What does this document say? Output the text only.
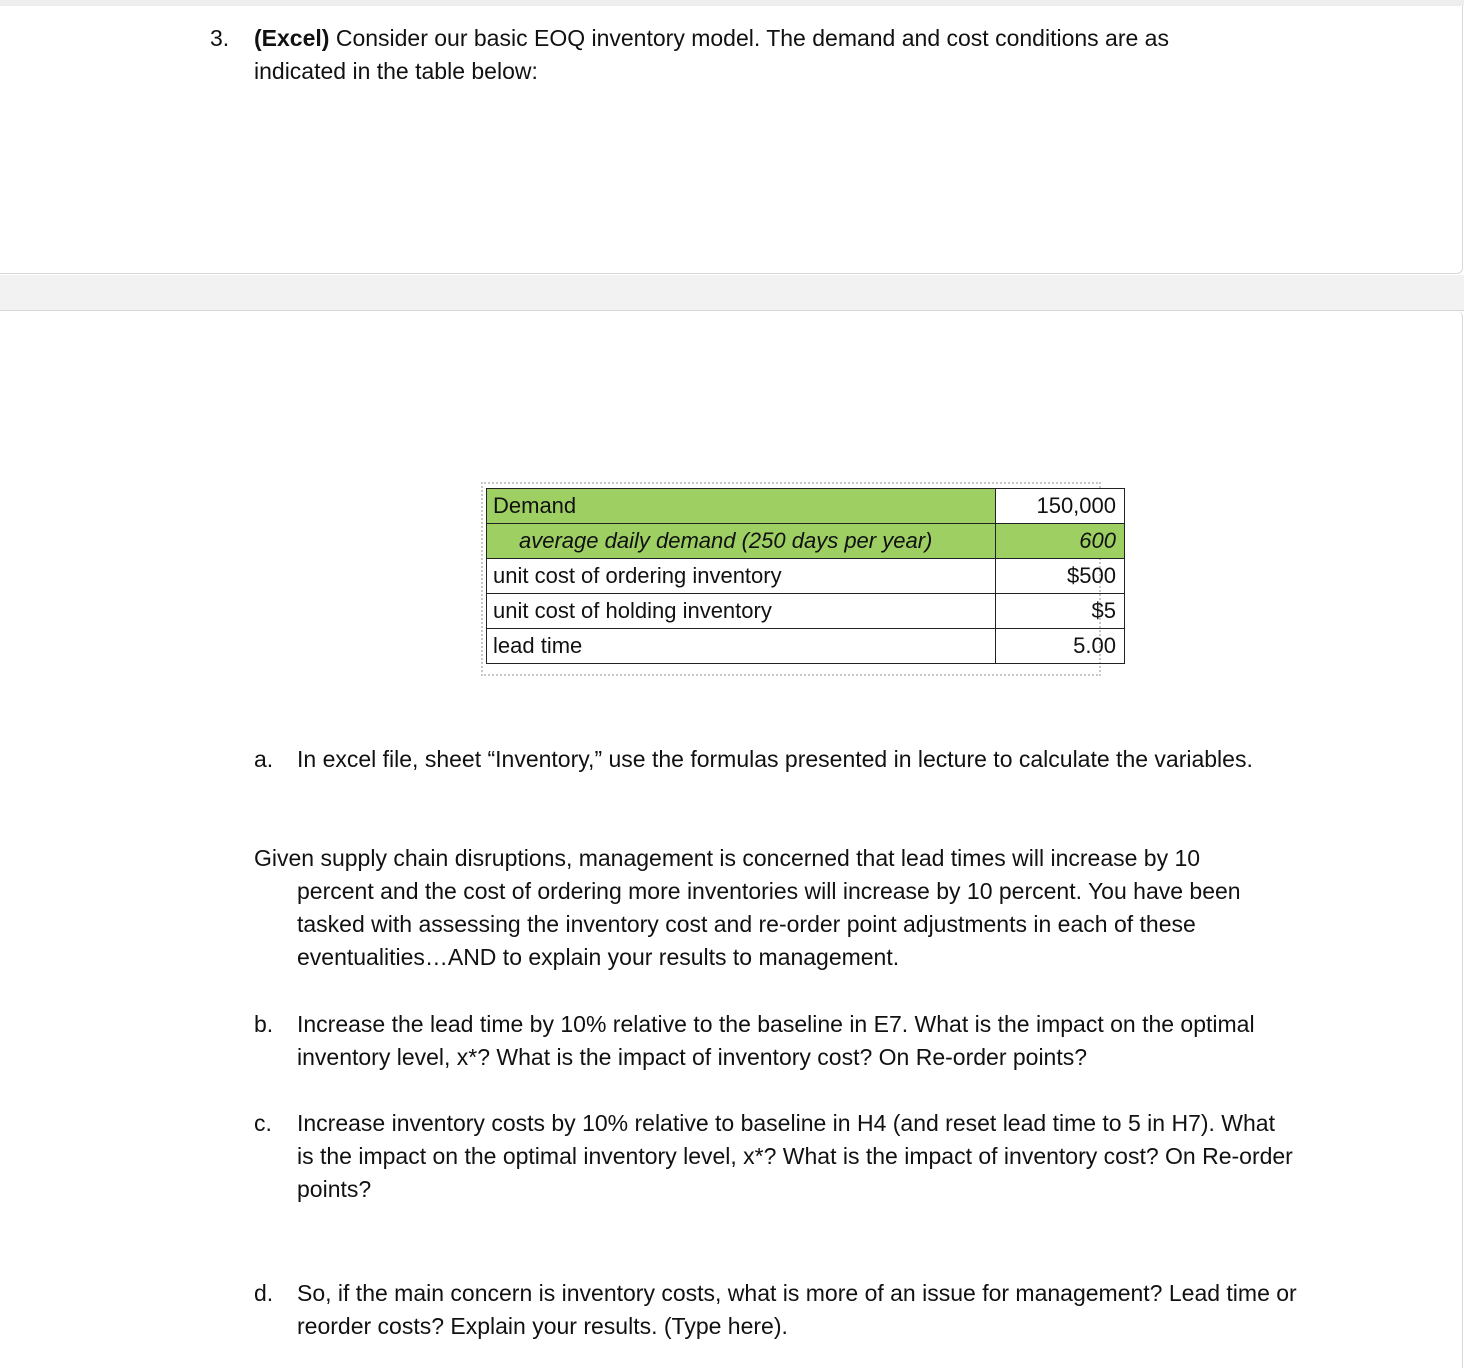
3. (Excel) Consider our basic EOQ inventory model. The demand and cost conditions are as indicated in the table below:
Demand	150,000
average daily demand (250 days per year)	600
unit cost of ordering inventory	$500
unit cost of holding inventory	$5
lead time	5.00
a. In excel file, sheet “Inventory,” use the formulas presented in lecture to calculate the variables.
Given supply chain disruptions, management is concerned that lead times will increase by 10
percent and the cost of ordering more inventories will increase by 10 percent. You have been tasked with assessing the inventory cost and re-order point adjustments in each of these eventualities…AND to explain your results to management.
b. Increase the lead time by 10% relative to the baseline in E7. What is the impact on the optimal inventory level, x*? What is the impact of inventory cost? On Re-order points?
c. Increase inventory costs by 10% relative to baseline in H4 (and reset lead time to 5 in H7). What is the impact on the optimal inventory level, x*? What is the impact of inventory cost? On Re-order points?
d. So, if the main concern is inventory costs, what is more of an issue for management? Lead time or reorder costs? Explain your results. (Type here).
